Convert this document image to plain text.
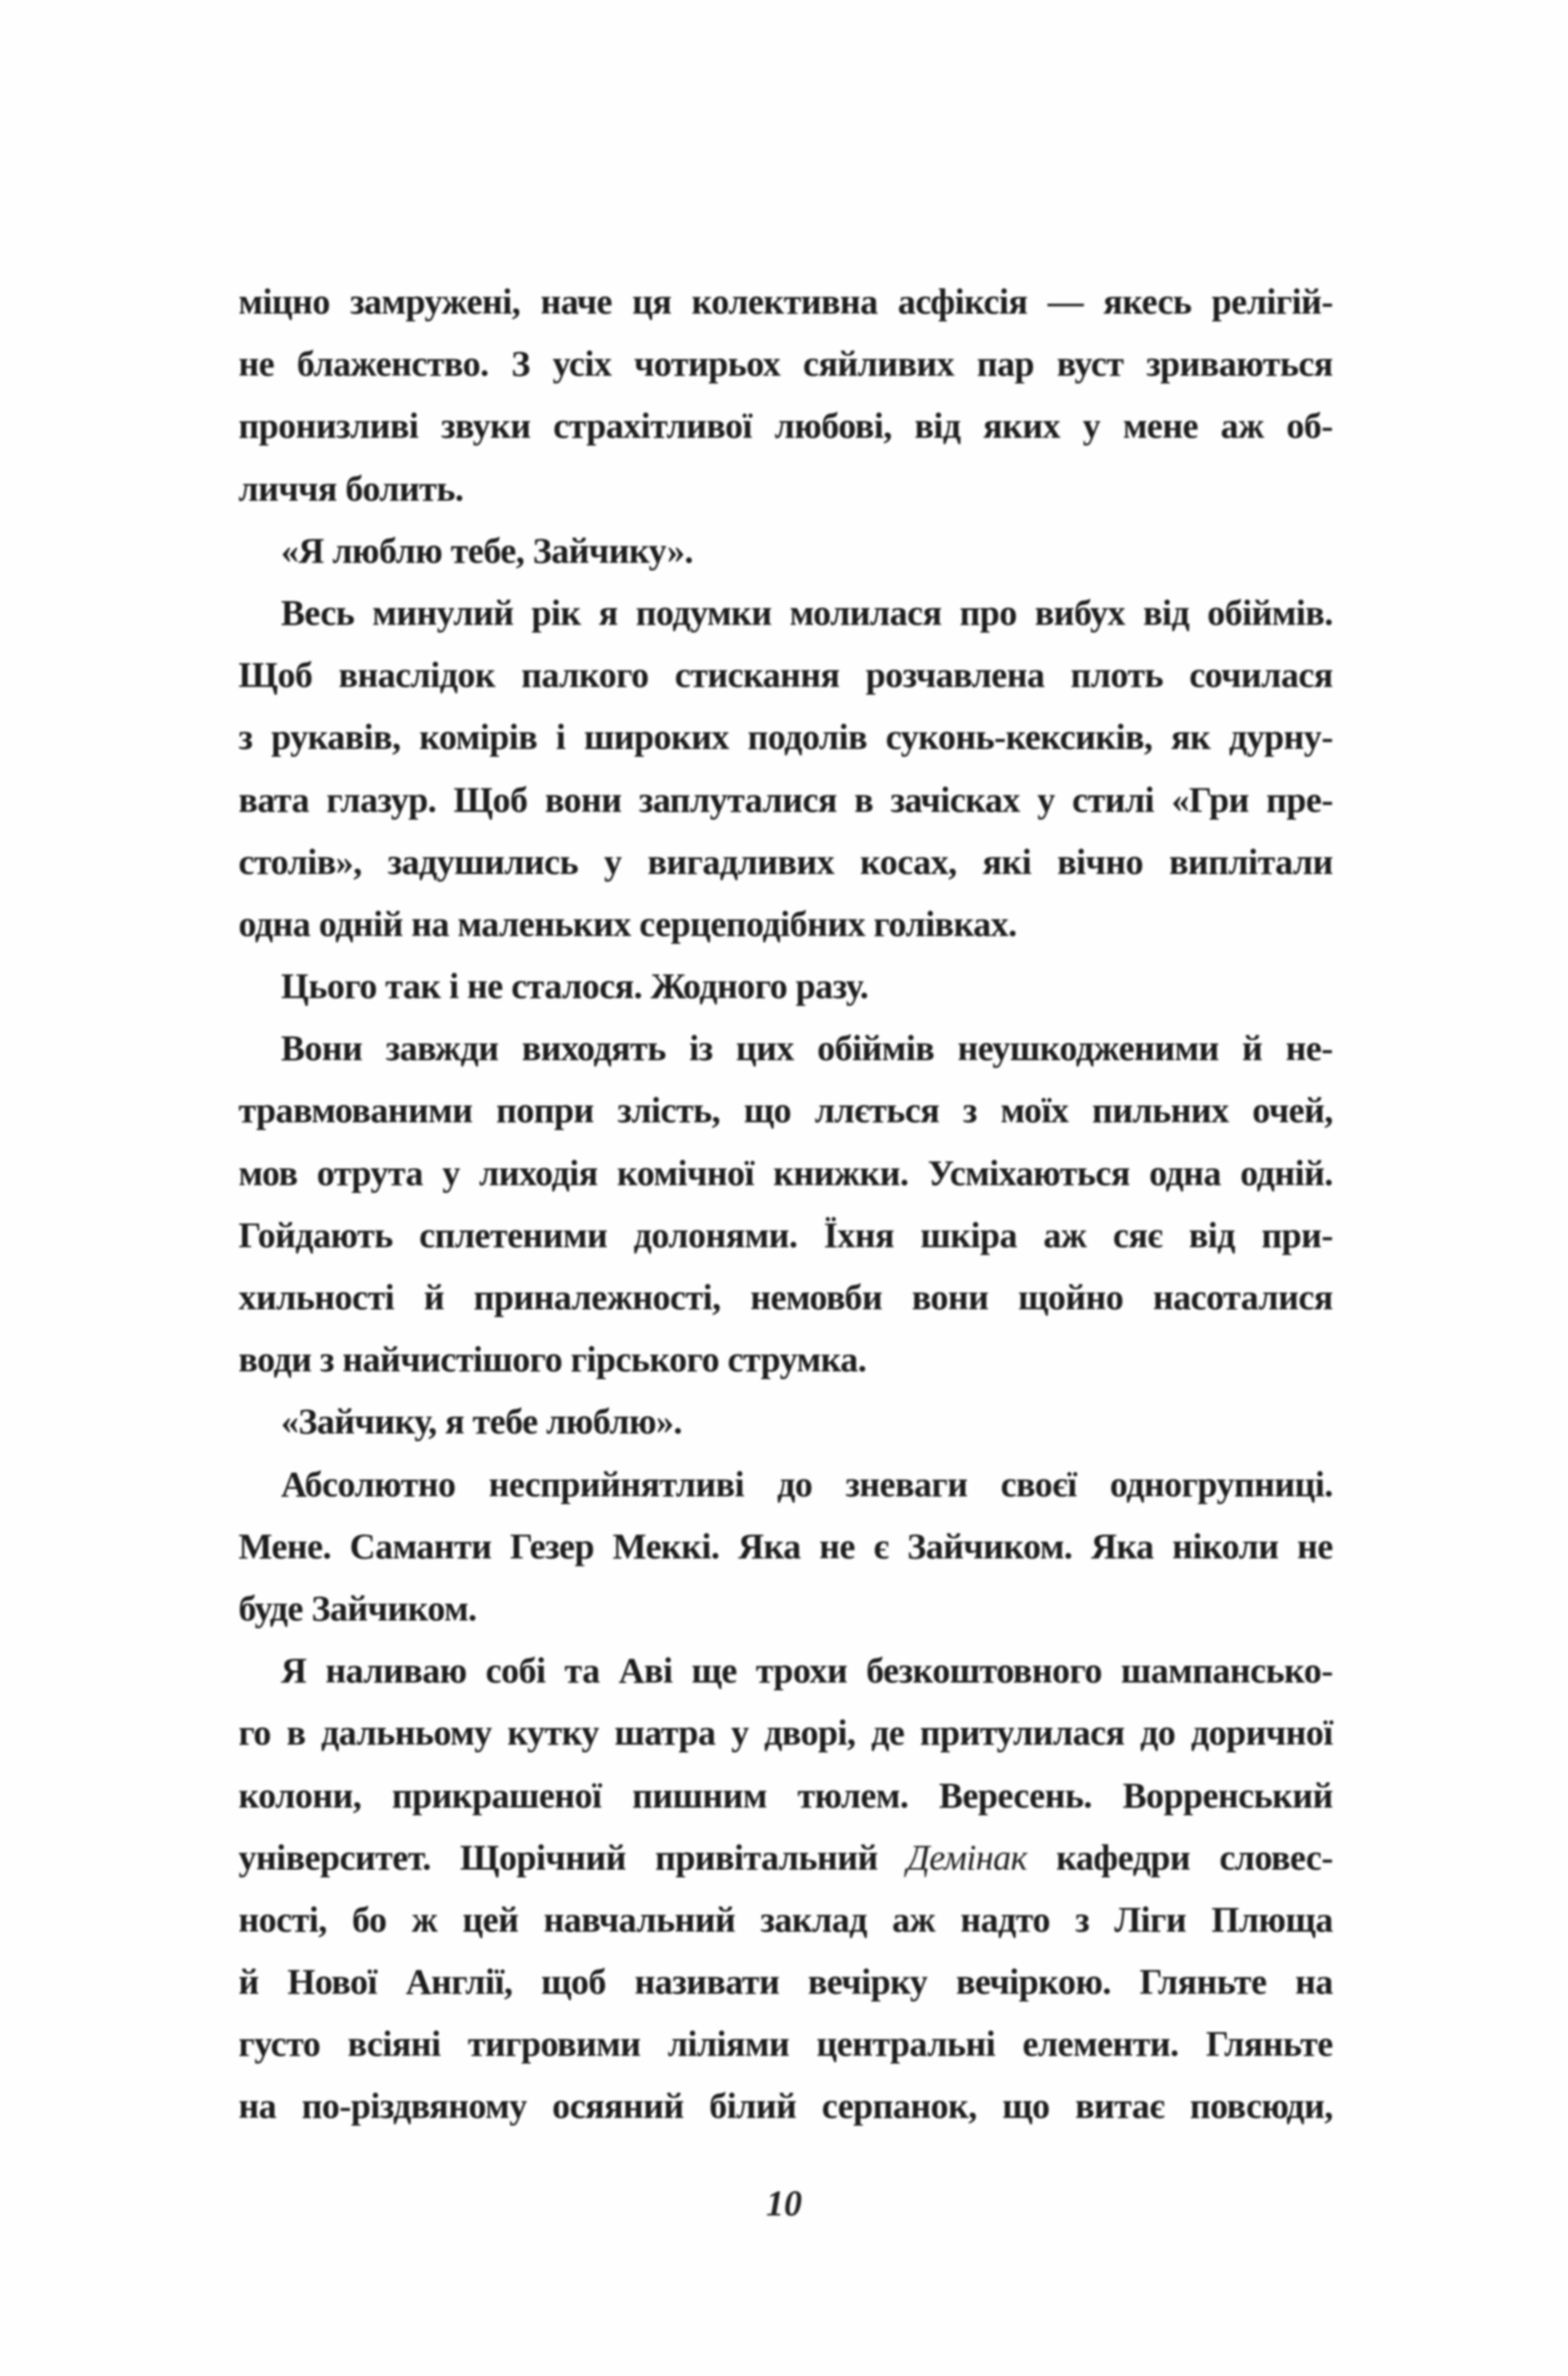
міцно замружені, наче ця колективна асфіксія — якесь релігій-
не блаженство. З усіх чотирьох сяйливих пар вуст зриваються
пронизливі звуки страхітливої любові, від яких у мене аж об-
личчя болить.
«Я люблю тебе, Зайчику».
Весь минулий рік я подумки молилася про вибух від обіймів.
Щоб внаслідок палкого стискання розчавлена плоть сочилася
з рукавів, комірів і широких подолів суконь-кексиків, як дурну-
вата глазур. Щоб вони заплуталися в зачісках у стилі «Гри пре-
столів», задушились у вигадливих косах, які вічно виплітали
одна одній на маленьких серцеподібних голівках.
Цього так і не сталося. Жодного разу.
Вони завжди виходять із цих обіймів неушкодженими й не-
травмованими попри злість, що ллється з моїх пильних очей,
мов отрута у лиходія комічної книжки. Усміхаються одна одній.
Гойдають сплетеними долонями. Їхня шкіра аж сяє від при-
хильності й приналежності, немовби вони щойно насоталися
води з найчистішого гірського струмка.
«Зайчику, я тебе люблю».
Абсолютно несприйнятливі до зневаги своєї одногрупниці.
Мене. Саманти Гезер Меккі. Яка не є Зайчиком. Яка ніколи не
буде Зайчиком.
Я наливаю собі та Аві ще трохи безкоштовного шампансько-
го в дальньому кутку шатра у дворі, де притулилася до доричної
колони, прикрашеної пишним тюлем. Вересень. Ворренський
університет. Щорічний привітальний Демінак кафедри словес-
ності, бо ж цей навчальний заклад аж надто з Ліги Плюща
й Нової Англії, щоб називати вечірку вечіркою. Гляньте на
густо всіяні тигровими ліліями центральні елементи. Гляньте
на по-різдвяному осяяний білий серпанок, що витає повсюди,
10
